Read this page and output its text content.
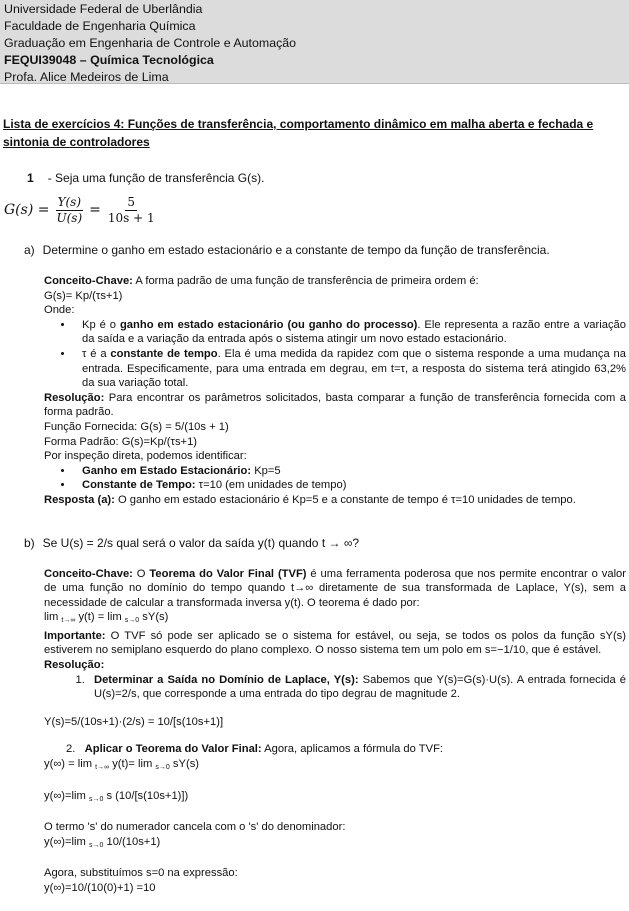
Universidade Federal de Uberlândia
Faculdade de Engenharia Química
Graduação em Engenharia de Controle e Automação
FEQUI39048 – Química Tecnológica
Profa. Alice Medeiros de Lima
Lista de exercícios 4: Funções de transferência, comportamento dinâmico em malha aberta e fechada e sintonia de controladores
1 - Seja uma função de transferência G(s).
$G(s) = \frac{Y(s)}{U(s)} = \frac{5}{10s + 1}$
a) Determine o ganho em estado estacionário e a constante de tempo da função de transferência.

Conceito-Chave: A forma padrão de uma função de transferência de primeira ordem é:

G(s)= Kp/(τs+1)

Onde:

• Kp é o ganho em estado estacionário (ou ganho do processo). Ele representa a razão entre a variação da saída e a variação da entrada após o sistema atingir um novo estado estacionário.
• τ é a constante de tempo. Ela é uma medida da rapidez com que o sistema responde a uma mudança na entrada. Especificamente, para uma entrada em degrau, em t=τ, a resposta do sistema terá atingido 63,2% da sua variação total.

Resolução: Para encontrar os parâmetros solicitados, basta comparar a função de transferência fornecida com a forma padrão.

Função Fornecida: G(s) = 5/(10s + 1)

Forma Padrão: G(s)=Kp/(τs+1)

Por inspeção direta, podemos identificar:

• Ganho em Estado Estacionário: Kp=5
• Constante de Tempo: τ=10 (em unidades de tempo)

Resposta (a): O ganho em estado estacionário é Kp=5 e a constante de tempo é τ=10 unidades de tempo.

b) Se U(s) = 2/s qual será o valor da saída y(t) quando t → ∞?

Conceito-Chave: O Teorema do Valor Final (TVF) é uma ferramenta poderosa que nos permite encontrar o valor de uma função no domínio do tempo quando t→∞ diretamente de sua transformada de Laplace, Y(s), sem a necessidade de calcular a transformada inversa y(t). O teorema é dado por:

lim $_{t\to\infty}$ y(t) = lim $_{s\to 0}$ sY(s)

Importante: O TVF só pode ser aplicado se o sistema for estável, ou seja, se todos os polos da função sY(s) estiverem no semiplano esquerdo do plano complexo. O nosso sistema tem um polo em s=−1/10, que é estável.

Resolução:

1. Determinar a Saída no Domínio de Laplace, Y(s): Sabemos que Y(s)=G(s)·U(s). A entrada fornecida é U(s)=2/s, que corresponde a uma entrada do tipo degrau de magnitude 2.

Y(s)=5/(10s+1)·(2/s) = 10/[s(10s+1)]

2. Aplicar o Teorema do Valor Final: Agora, aplicamos a fórmula do TVF:

y(∞) = lim $_{t\to\infty}$ y(t)= lim $_{s\to 0}$ sY(s)

y(∞)=lim $_{s\to 0}$ s (10/[s(10s+1)])

O termo 's' do numerador cancela com o 's' do denominador:

y(∞)=lim $_{s\to 0}$ 10/(10s+1)

Agora, substituímos s=0 na expressão:

y(∞)=10/(10(0)+1) =10
